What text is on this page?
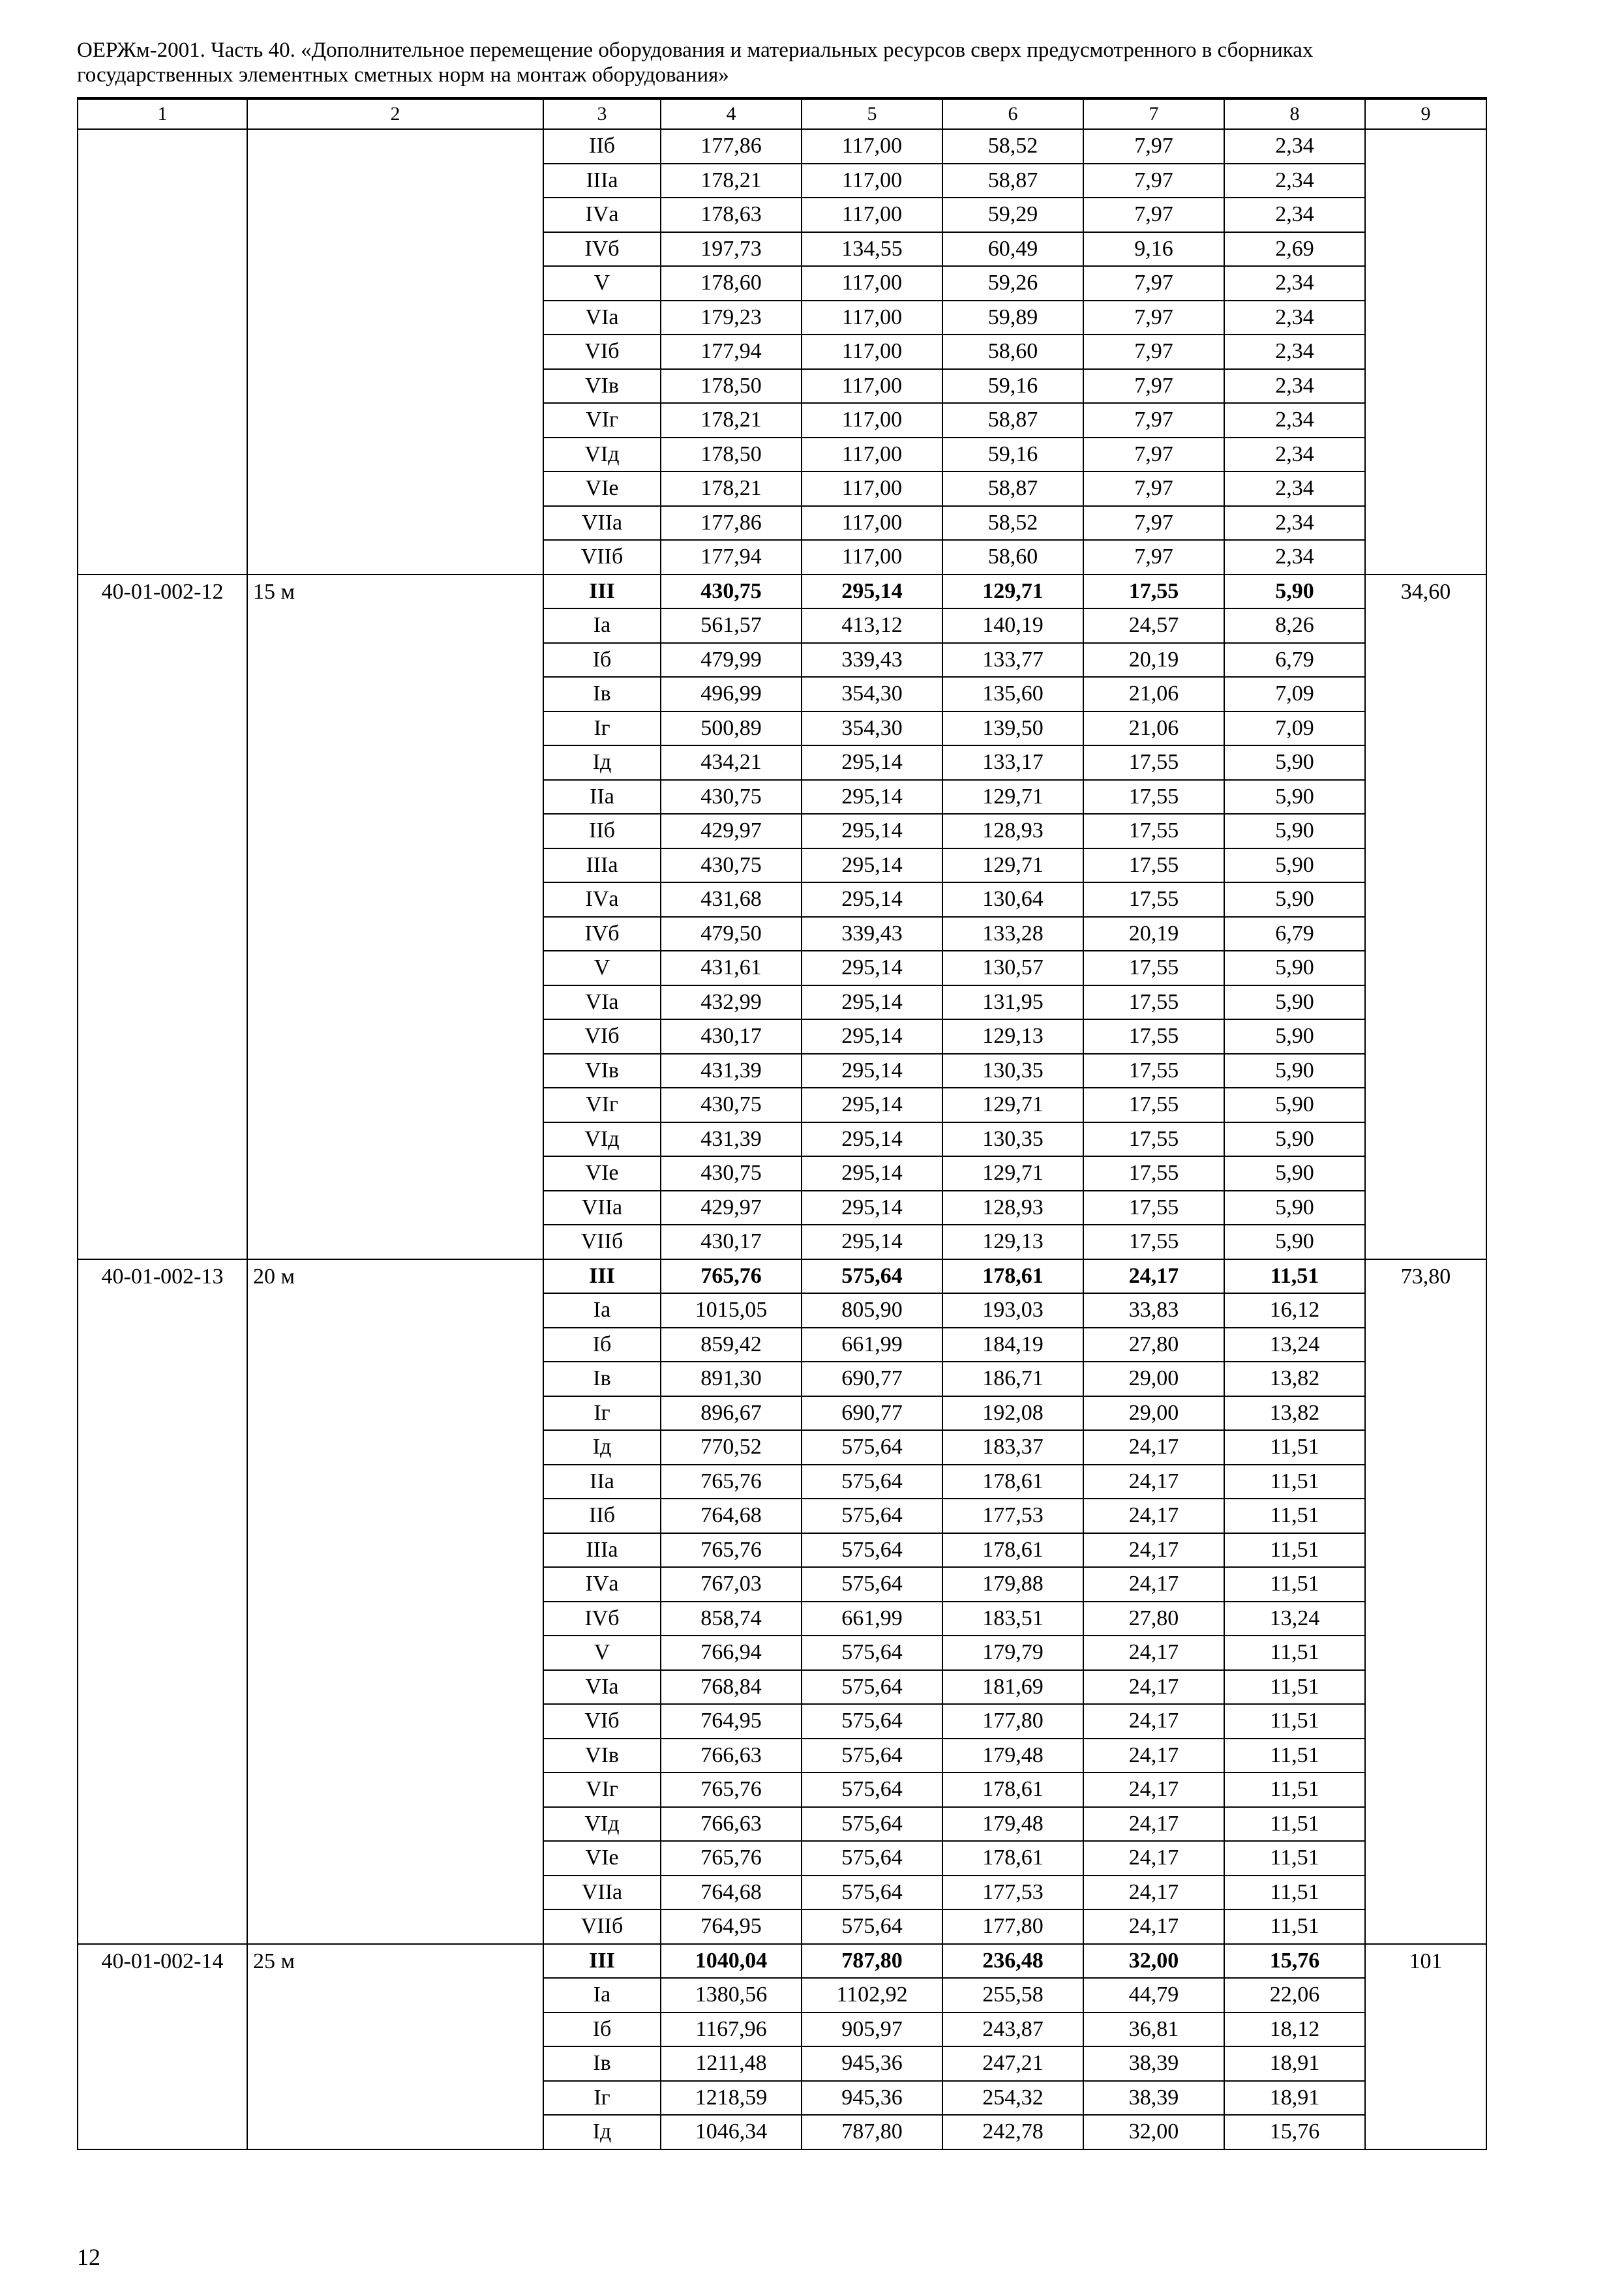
ОЕРЖм-2001. Часть 40. «Дополнительное перемещение оборудования и материальных ресурсов сверх предусмотренного в сборниках
государственных элементных сметных норм на монтаж оборудования»
1	2	3	4	5	6	7	8	9
		IIб	177,86	117,00	58,52	7,97	2,34	
		IIIа	178,21	117,00	58,87	7,97	2,34	
		IVа	178,63	117,00	59,29	7,97	2,34	
		IVб	197,73	134,55	60,49	9,16	2,69	
		V	178,60	117,00	59,26	7,97	2,34	
		VIа	179,23	117,00	59,89	7,97	2,34	
		VIб	177,94	117,00	58,60	7,97	2,34	
		VIв	178,50	117,00	59,16	7,97	2,34	
		VIг	178,21	117,00	58,87	7,97	2,34	
		VIд	178,50	117,00	59,16	7,97	2,34	
		VIе	178,21	117,00	58,87	7,97	2,34	
		VIIа	177,86	117,00	58,52	7,97	2,34	
		VIIб	177,94	117,00	58,60	7,97	2,34	
40-01-002-12	15 м	III	430,75	295,14	129,71	17,55	5,90	34,60
		Iа	561,57	413,12	140,19	24,57	8,26	
		Iб	479,99	339,43	133,77	20,19	6,79	
		Iв	496,99	354,30	135,60	21,06	7,09	
		Iг	500,89	354,30	139,50	21,06	7,09	
		Iд	434,21	295,14	133,17	17,55	5,90	
		IIа	430,75	295,14	129,71	17,55	5,90	
		IIб	429,97	295,14	128,93	17,55	5,90	
		IIIа	430,75	295,14	129,71	17,55	5,90	
		IVа	431,68	295,14	130,64	17,55	5,90	
		IVб	479,50	339,43	133,28	20,19	6,79	
		V	431,61	295,14	130,57	17,55	5,90	
		VIа	432,99	295,14	131,95	17,55	5,90	
		VIб	430,17	295,14	129,13	17,55	5,90	
		VIв	431,39	295,14	130,35	17,55	5,90	
		VIг	430,75	295,14	129,71	17,55	5,90	
		VIд	431,39	295,14	130,35	17,55	5,90	
		VIе	430,75	295,14	129,71	17,55	5,90	
		VIIа	429,97	295,14	128,93	17,55	5,90	
		VIIб	430,17	295,14	129,13	17,55	5,90	
40-01-002-13	20 м	III	765,76	575,64	178,61	24,17	11,51	73,80
		Iа	1015,05	805,90	193,03	33,83	16,12	
		Iб	859,42	661,99	184,19	27,80	13,24	
		Iв	891,30	690,77	186,71	29,00	13,82	
		Iг	896,67	690,77	192,08	29,00	13,82	
		Iд	770,52	575,64	183,37	24,17	11,51	
		IIа	765,76	575,64	178,61	24,17	11,51	
		IIб	764,68	575,64	177,53	24,17	11,51	
		IIIа	765,76	575,64	178,61	24,17	11,51	
		IVа	767,03	575,64	179,88	24,17	11,51	
		IVб	858,74	661,99	183,51	27,80	13,24	
		V	766,94	575,64	179,79	24,17	11,51	
		VIа	768,84	575,64	181,69	24,17	11,51	
		VIб	764,95	575,64	177,80	24,17	11,51	
		VIв	766,63	575,64	179,48	24,17	11,51	
		VIг	765,76	575,64	178,61	24,17	11,51	
		VIд	766,63	575,64	179,48	24,17	11,51	
		VIе	765,76	575,64	178,61	24,17	11,51	
		VIIа	764,68	575,64	177,53	24,17	11,51	
		VIIб	764,95	575,64	177,80	24,17	11,51	
40-01-002-14	25 м	III	1040,04	787,80	236,48	32,00	15,76	101
		Iа	1380,56	1102,92	255,58	44,79	22,06	
		Iб	1167,96	905,97	243,87	36,81	18,12	
		Iв	1211,48	945,36	247,21	38,39	18,91	
		Iг	1218,59	945,36	254,32	38,39	18,91	
		Iд	1046,34	787,80	242,78	32,00	15,76	
12
